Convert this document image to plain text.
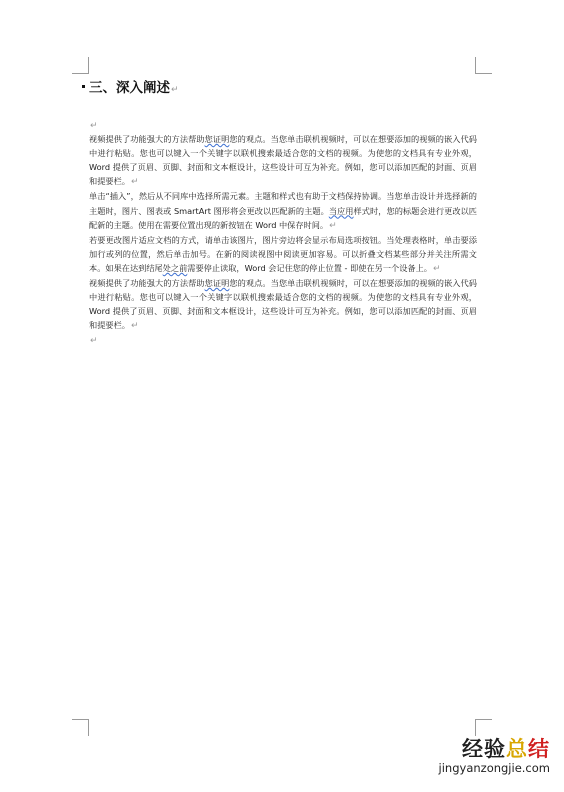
三、深入阐述↵

↵

视频提供了功能强大的方法帮助您证明您的观点。当您单击联机视频时，可以在想要添加的视频的嵌入代码中进行粘贴。您也可以键入一个关键字以联机搜索最适合您的文档的视频。为使您的文档具有专业外观，Word 提供了页眉、页脚、封面和文本框设计，这些设计可互为补充。例如，您可以添加匹配的封面、页眉和提要栏。↵

单击“插入”，然后从不同库中选择所需元素。主题和样式也有助于文档保持协调。当您单击设计并选择新的主题时，图片、图表或 SmartArt 图形将会更改以匹配新的主题。当应用样式时，您的标题会进行更改以匹配新的主题。使用在需要位置出现的新按钮在 Word 中保存时间。↵

若要更改图片适应文档的方式，请单击该图片，图片旁边将会显示布局选项按钮。当处理表格时，单击要添加行或列的位置，然后单击加号。在新的阅读视图中阅读更加容易。可以折叠文档某些部分并关注所需文本。如果在达到结尾处之前需要停止读取，Word 会记住您的停止位置 - 即使在另一个设备上。↵

视频提供了功能强大的方法帮助您证明您的观点。当您单击联机视频时，可以在想要添加的视频的嵌入代码中进行粘贴。您也可以键入一个关键字以联机搜索最适合您的文档的视频。为使您的文档具有专业外观，Word 提供了页眉、页脚、封面和文本框设计，这些设计可互为补充。例如，您可以添加匹配的封面、页眉和提要栏。↵

↵

经验总结
jingyanzongjie.com
